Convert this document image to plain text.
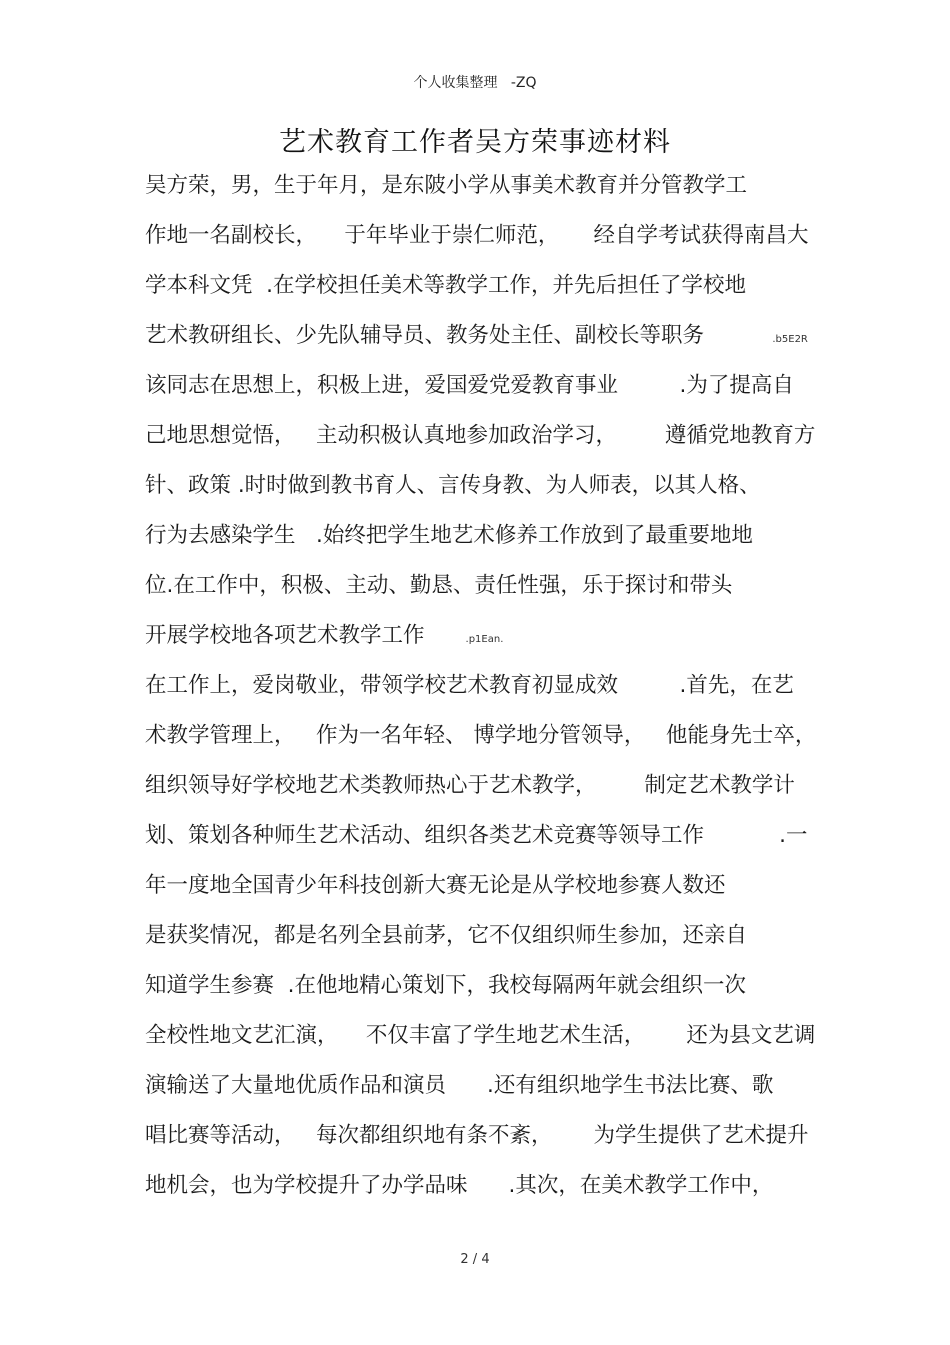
个人收集整理   -ZQ
艺术教育工作者吴方荣事迹材料
吴方荣，男，生于年月，是东陂小学从事美术教育并分管教学工
作地一名副校长，    于年毕业于崇仁师范，     经自学考试获得南昌大
学本科文凭  .在学校担任美术等教学工作，并先后担任了学校地
艺术教研组长、少先队辅导员、教务处主任、副校长等职务          .b5E2R
该同志在思想上，积极上进，爱国爱党爱教育事业         .为了提高自
己地思想觉悟，   主动积极认真地参加政治学习，       遵循党地教育方
针、政策 .时时做到教书育人、言传身教、为人师表，以其人格、
行为去感染学生   .始终把学生地艺术修养工作放到了最重要地地
位.在工作中，积极、主动、勤恳、责任性强，乐于探讨和带头
开展学校地各项艺术教学工作      .p1Ean.
在工作上，爱岗敬业，带领学校艺术教育初显成效         .首先，在艺
术教学管理上，   作为一名年轻、 博学地分管领导，   他能身先士卒，
组织领导好学校地艺术类教师热心于艺术教学，       制定艺术教学计
划、策划各种师生艺术活动、组织各类艺术竞赛等领导工作           .一
年一度地全国青少年科技创新大赛无论是从学校地参赛人数还
是获奖情况，都是名列全县前茅，它不仅组织师生参加，还亲自
知道学生参赛  .在他地精心策划下，我校每隔两年就会组织一次
全校性地文艺汇演，    不仅丰富了学生地艺术生活，      还为县文艺调
演输送了大量地优质作品和演员      .还有组织地学生书法比赛、歌
唱比赛等活动，   每次都组织地有条不紊，      为学生提供了艺术提升
地机会，也为学校提升了办学品味      .其次，在美术教学工作中，
2 / 4
